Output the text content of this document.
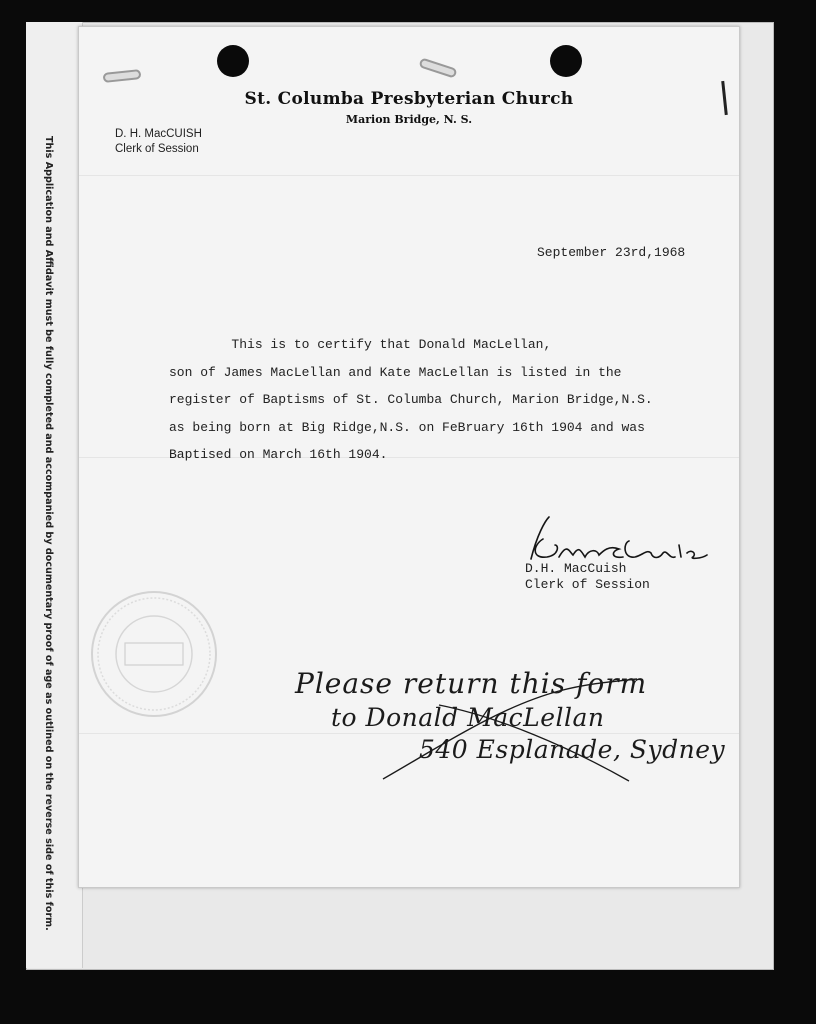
This Application and Affidavit must be fully completed and accompanied by documentary proof of age as outlined on the reverse side of this form.
St. Columba Presbyterian Church
Marion Bridge, N. S.
D. H. MacCUISH
Clerk of Session
September 23rd,1968
This is to certify that Donald MacLellan,
son of James MacLellan and Kate MacLellan is listed in the
register of Baptisms of St. Columba Church, Marion Bridge,N.S.
as being born at Big Ridge,N.S. on FeBruary 16th 1904 and was
Baptised on March 16th 1904.
D.H. MacCuish
Clerk of Session
Please return this form
to Donald MacLellan
540 Esplanade, Sydney
